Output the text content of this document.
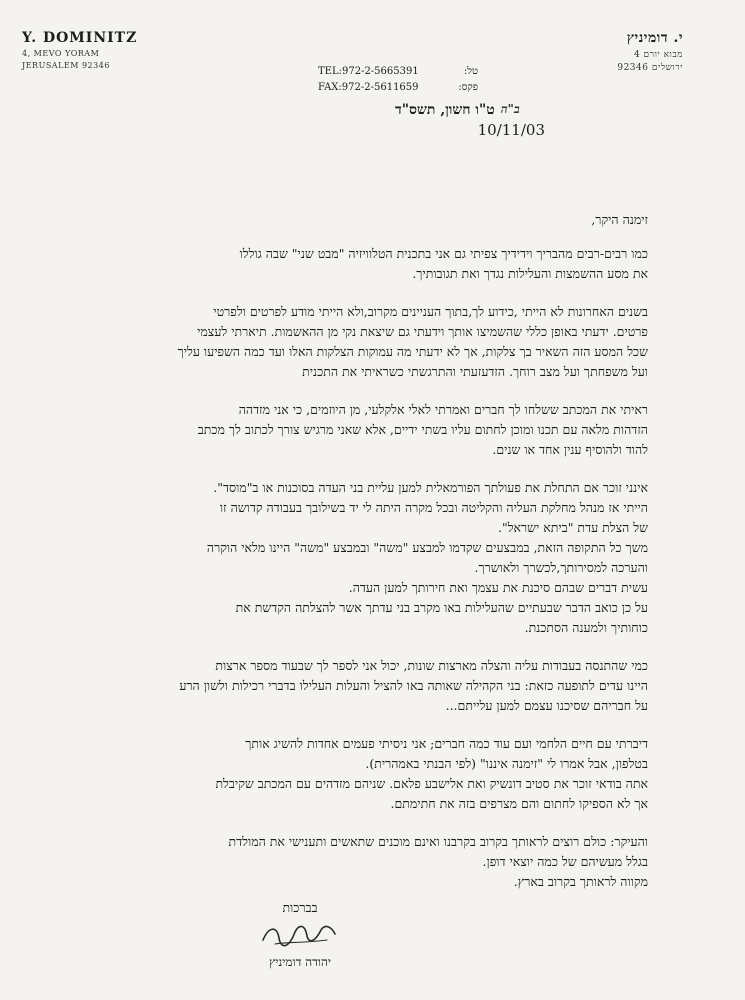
Y. DOMINITZ
4, MEVO YORAM
JERUSALEM 92346
י. דומיניץ
מבוא יורם 4
ירושלים 92346
TEL:972-2-5665391	טל:
FAX:972-2-5611659	פקס:
ב"ה
ט"ו חשון, תשס"ד
10/11/03
זימנה היקר,

כמו רבים-רבים מהבריך וידידיך צפיתי גם אני בתכנית הטלוויזיה "מבט שני" שבה גוללו

את מסע ההשמצות והעלילות נגדך ואת תגובותיך.

בשנים האחרונות לא הייתי ,כידוע לך,בתוך העניינים מקרוב,ולא הייתי מודע לפרטים ולפרטי

פרטים. ידעתי באופן כללי שהשמיצו אותך וידעתי גם שיצאת נקי מן ההאשמות. תיארתי לעצמי

שכל המסע הזה השאיר בך צלקות, אך לא ידעתי מה עמוקות הצלקות האלו ועד כמה השפיעו עליך

ועל משפחתך ועל מצב רוחך. הזדעזעתי והתרגשתי כשראיתי את התכנית

ראיתי את המכתב ששלחו לך חברים ואמרתי לאלי אלקלעי, מן היוזמים, כי אני מזדהה

הזדהות מלאה עם תכנו ומוכן לחתום עליו בשתי ידיים, אלא שאני מרגיש צורך לכתוב לך מכתב

להוד ולהוסיף ענין אחד או שנים.

אינני זוכר אם התחלת את פעולתך הפורמאלית למען עליית בני העדה בסוכנות או ב"מוסד".

הייתי אז מנהל מחלקת העליה והקליטה ובכל מקרה היתה לי יד בשילובך בעבודה קדושה זו

של הצלת עדת "ביתא ישראל".

משך כל התקופה הזאת, במבצעים שקדמו למבצע "משה" ובמבצע "משה" היינו מלאי הוקרה

והערכה למסירותך,לכשרך ולאושרך.

עשית דברים שבהם סיכנת את עצמך ואת חירותך למען העדה.

על כן כואב הדבר שבעתיים שהעלילות באו מקרב בני עדתך אשר להצלתה הקדשת את

כוחותיך ולמענה הסתכנת.

כמי שהתנסה בעבודות עליה והצלה מארצות שונות, יכול אני לספר לך שבעוד מספר ארצות

היינו עדים לתופעה כזאת: בני הקהילה שאותה באו להציל והעלות העלילו בדברי רכילות ולשון הרע

על חבריהם שסיכנו עצמם למען עלייתם...

דיברתי עם חיים הלחמי ועם עוד כמה חברים; אני ניסיתי פעמים אחדות להשיג אותך

בטלפון, אבל אמרו לי "זימנה איננו" (לפי הבנתי באמהרית).

אתה בודאי זוכר את סטיב דונשיק ואת אלישבע פלאם. שניהם מזדהים עם המכתב שקיבלת

אך לא הספיקו לחתום והם מצרפים בזה את חתימתם.

והעיקר: כולם רוצים לראותך בקרוב בקרבנו ואינם מוכנים שתאשים ותענישי את המולדת

בגלל מעשיהם של כמה יוצאי דופן.

מקווה לראותך בקרוב בארץ.

בברכות
יהודה דומיניץ
